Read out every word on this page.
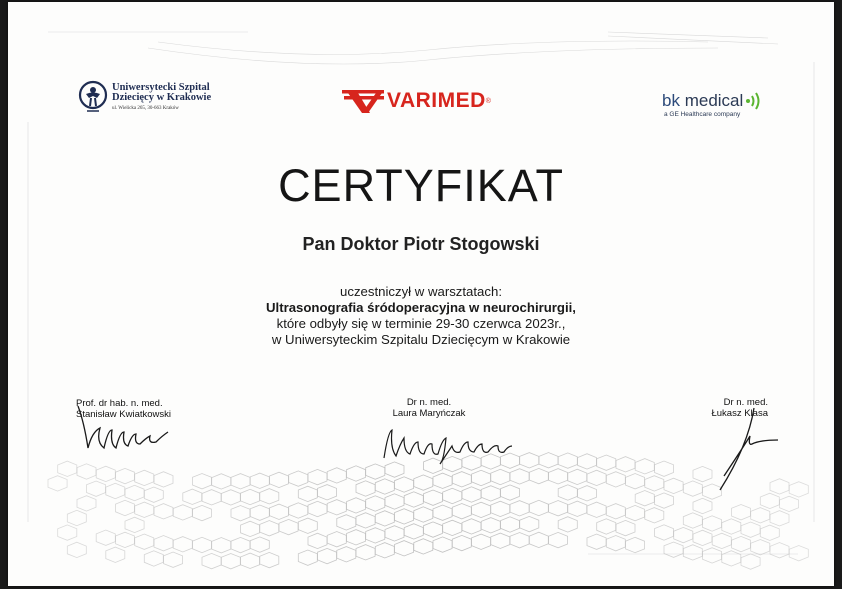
Uniwersytecki Szpital Dziecięcy w Krakowie
ul. Wielicka 265, 30-663 Kraków	VARIMED ®	bk medical
a GE Healthcare company
CERTYFIKAT
Pan Doktor Piotr Stogowski
uczestniczył w warsztatach:
Ultrasonografia śródoperacyjna w neurochirurgii,
które odbyły się w terminie 29-30 czerwca 2023r.,
w Uniwersyteckim Szpitalu Dziecięcym w Krakowie
Prof. dr hab. n. med.
Stanisław Kwiatkowski
Dr n. med.
Laura Maryńczak
Dr n. med.
Łukasz Klasa
